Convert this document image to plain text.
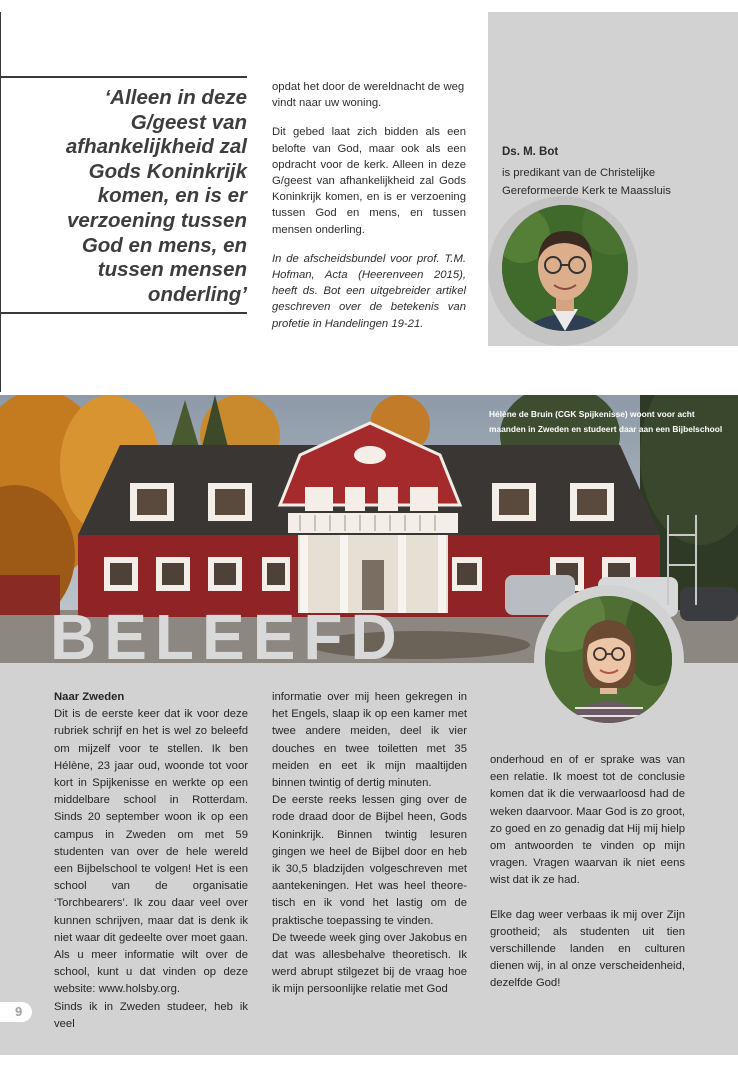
‘Alleen in deze G/geest van afhankelijkheid zal Gods Koninkrijk komen, en is er verzoening tussen God en mens, en tussen mensen onderling’

opdat het door de wereldnacht de weg vindt naar uw woning.

Dit gebed laat zich bidden als een belofte van God, maar ook als een opdracht voor de kerk. Alleen in deze G/geest van afhankelijkheid zal Gods Koninkrijk komen, en is er verzoening tussen God en mens, en tussen mensen onderling.

In de afscheidsbundel voor prof. T.M. Hofman, Acta (Heerenveen 2015), heeft ds. Bot een uitgebreider artikel geschreven over de betekenis van profetie in Handelingen 19-21.

Ds. M. Bot
is predikant van de Christelijke Gereformeerde Kerk te Maassluis
Hélène de Bruin (CGK Spijkenisse) woont voor acht maanden in Zweden en studeert daar aan een Bijbelschool
BELEEFD

Naar Zweden

Dit is de eerste keer dat ik voor deze rubriek schrijf en het is wel zo beleefd om mijzelf voor te stellen. Ik ben Hélène, 23 jaar oud, woonde tot voor kort in Spijkenisse en werkte op een middelbare school in Rotterdam. Sinds 20 september woon ik op een campus in Zweden om met 59 studenten van over de hele wereld een Bijbelschool te volgen! Het is een school van de organisatie ‘Torchbearers’. Ik zou daar veel over kunnen schrijven, maar dat is denk ik niet waar dit gedeelte over moet gaan. Als u meer informatie wilt over de school, kunt u dat vinden op deze website: www.holsby.org.

Sinds ik in Zweden studeer, heb ik veel

informatie over mij heen gekregen in het Engels, slaap ik op een kamer met twee andere meiden, deel ik vier douches en twee toiletten met 35 meiden en eet ik mijn maaltijden binnen twintig of dertig minuten.

De eerste reeks lessen ging over de rode draad door de Bijbel heen, Gods Koninkrijk. Binnen twintig lesuren gingen we heel de Bijbel door en heb ik 30,5 bladzijden volgeschreven met aantekeningen. Het was heel theore-tisch en ik vond het lastig om de praktische toepassing te vinden.

De tweede week ging over Jakobus en dat was allesbehalve theoretisch. Ik werd abrupt stilgezet bij de vraag hoe ik mijn persoonlijke relatie met God

onderhoud en of er sprake was van een relatie. Ik moest tot de conclusie komen dat ik die verwaarloosd had de weken daarvoor. Maar God is zo groot, zo goed en zo genadig dat Hij mij hielp om antwoorden te vinden op mijn vragen. Vragen waarvan ik niet eens wist dat ik ze had.

Elke dag weer verbaas ik mij over Zijn grootheid; als studenten uit tien verschillende landen en culturen dienen wij, in al onze verscheidenheid, dezelfde God!

9
